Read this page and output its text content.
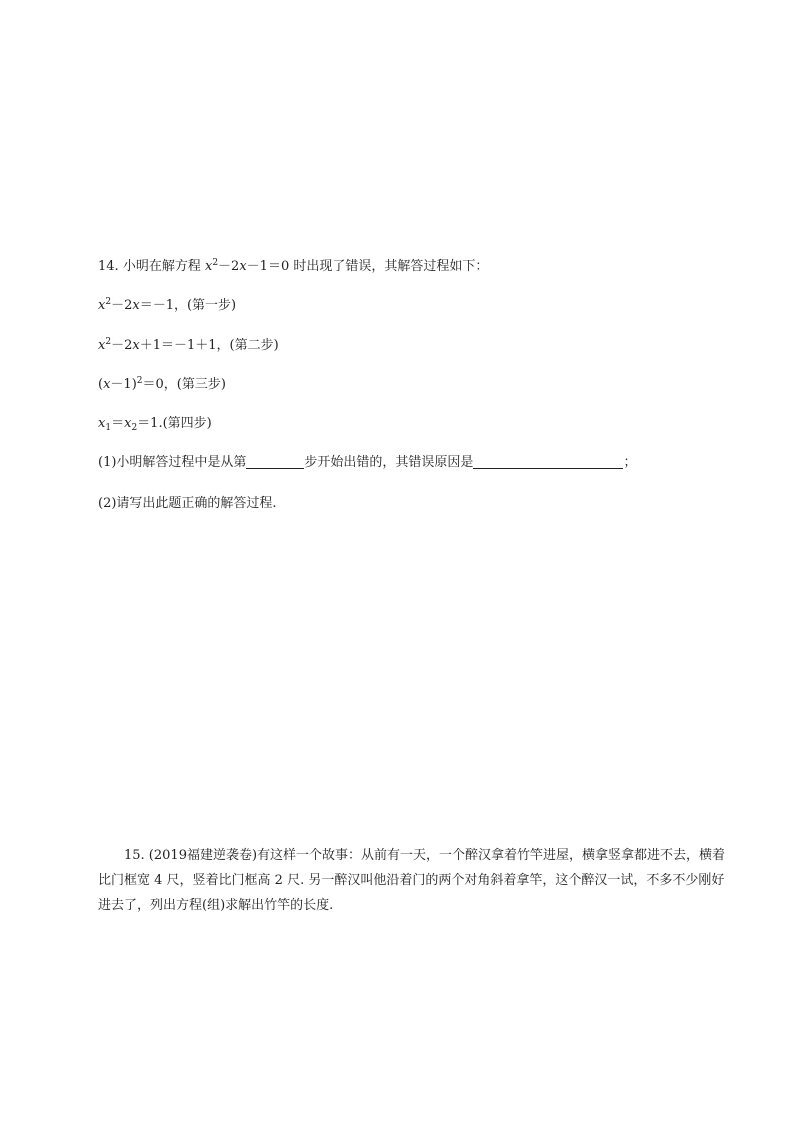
14. 小明在解方程 $x^2-2x-1=0$ 时出现了错误，其解答过程如下：
$x^2-2x=-1$，(第一步)
$x^2-2x+1=-1+1$，(第二步)
$(x-1)^2=0$，(第三步)
$x_1=x_2=1$.(第四步)
(1)小明解答过程中是从第	步开始出错的，其错误原因是	；
(2)请写出此题正确的解答过程.
15. (2019福建逆袭卷)有这样一个故事：从前有一天，一个醉汉拿着竹竿进屋，横拿竖拿都进不去，横着比门框宽 4 尺，竖着比门框高 2 尺. 另一醉汉叫他沿着门的两个对角斜着拿竿，这个醉汉一试，不多不少刚好进去了，列出方程(组)求解出竹竿的长度.
